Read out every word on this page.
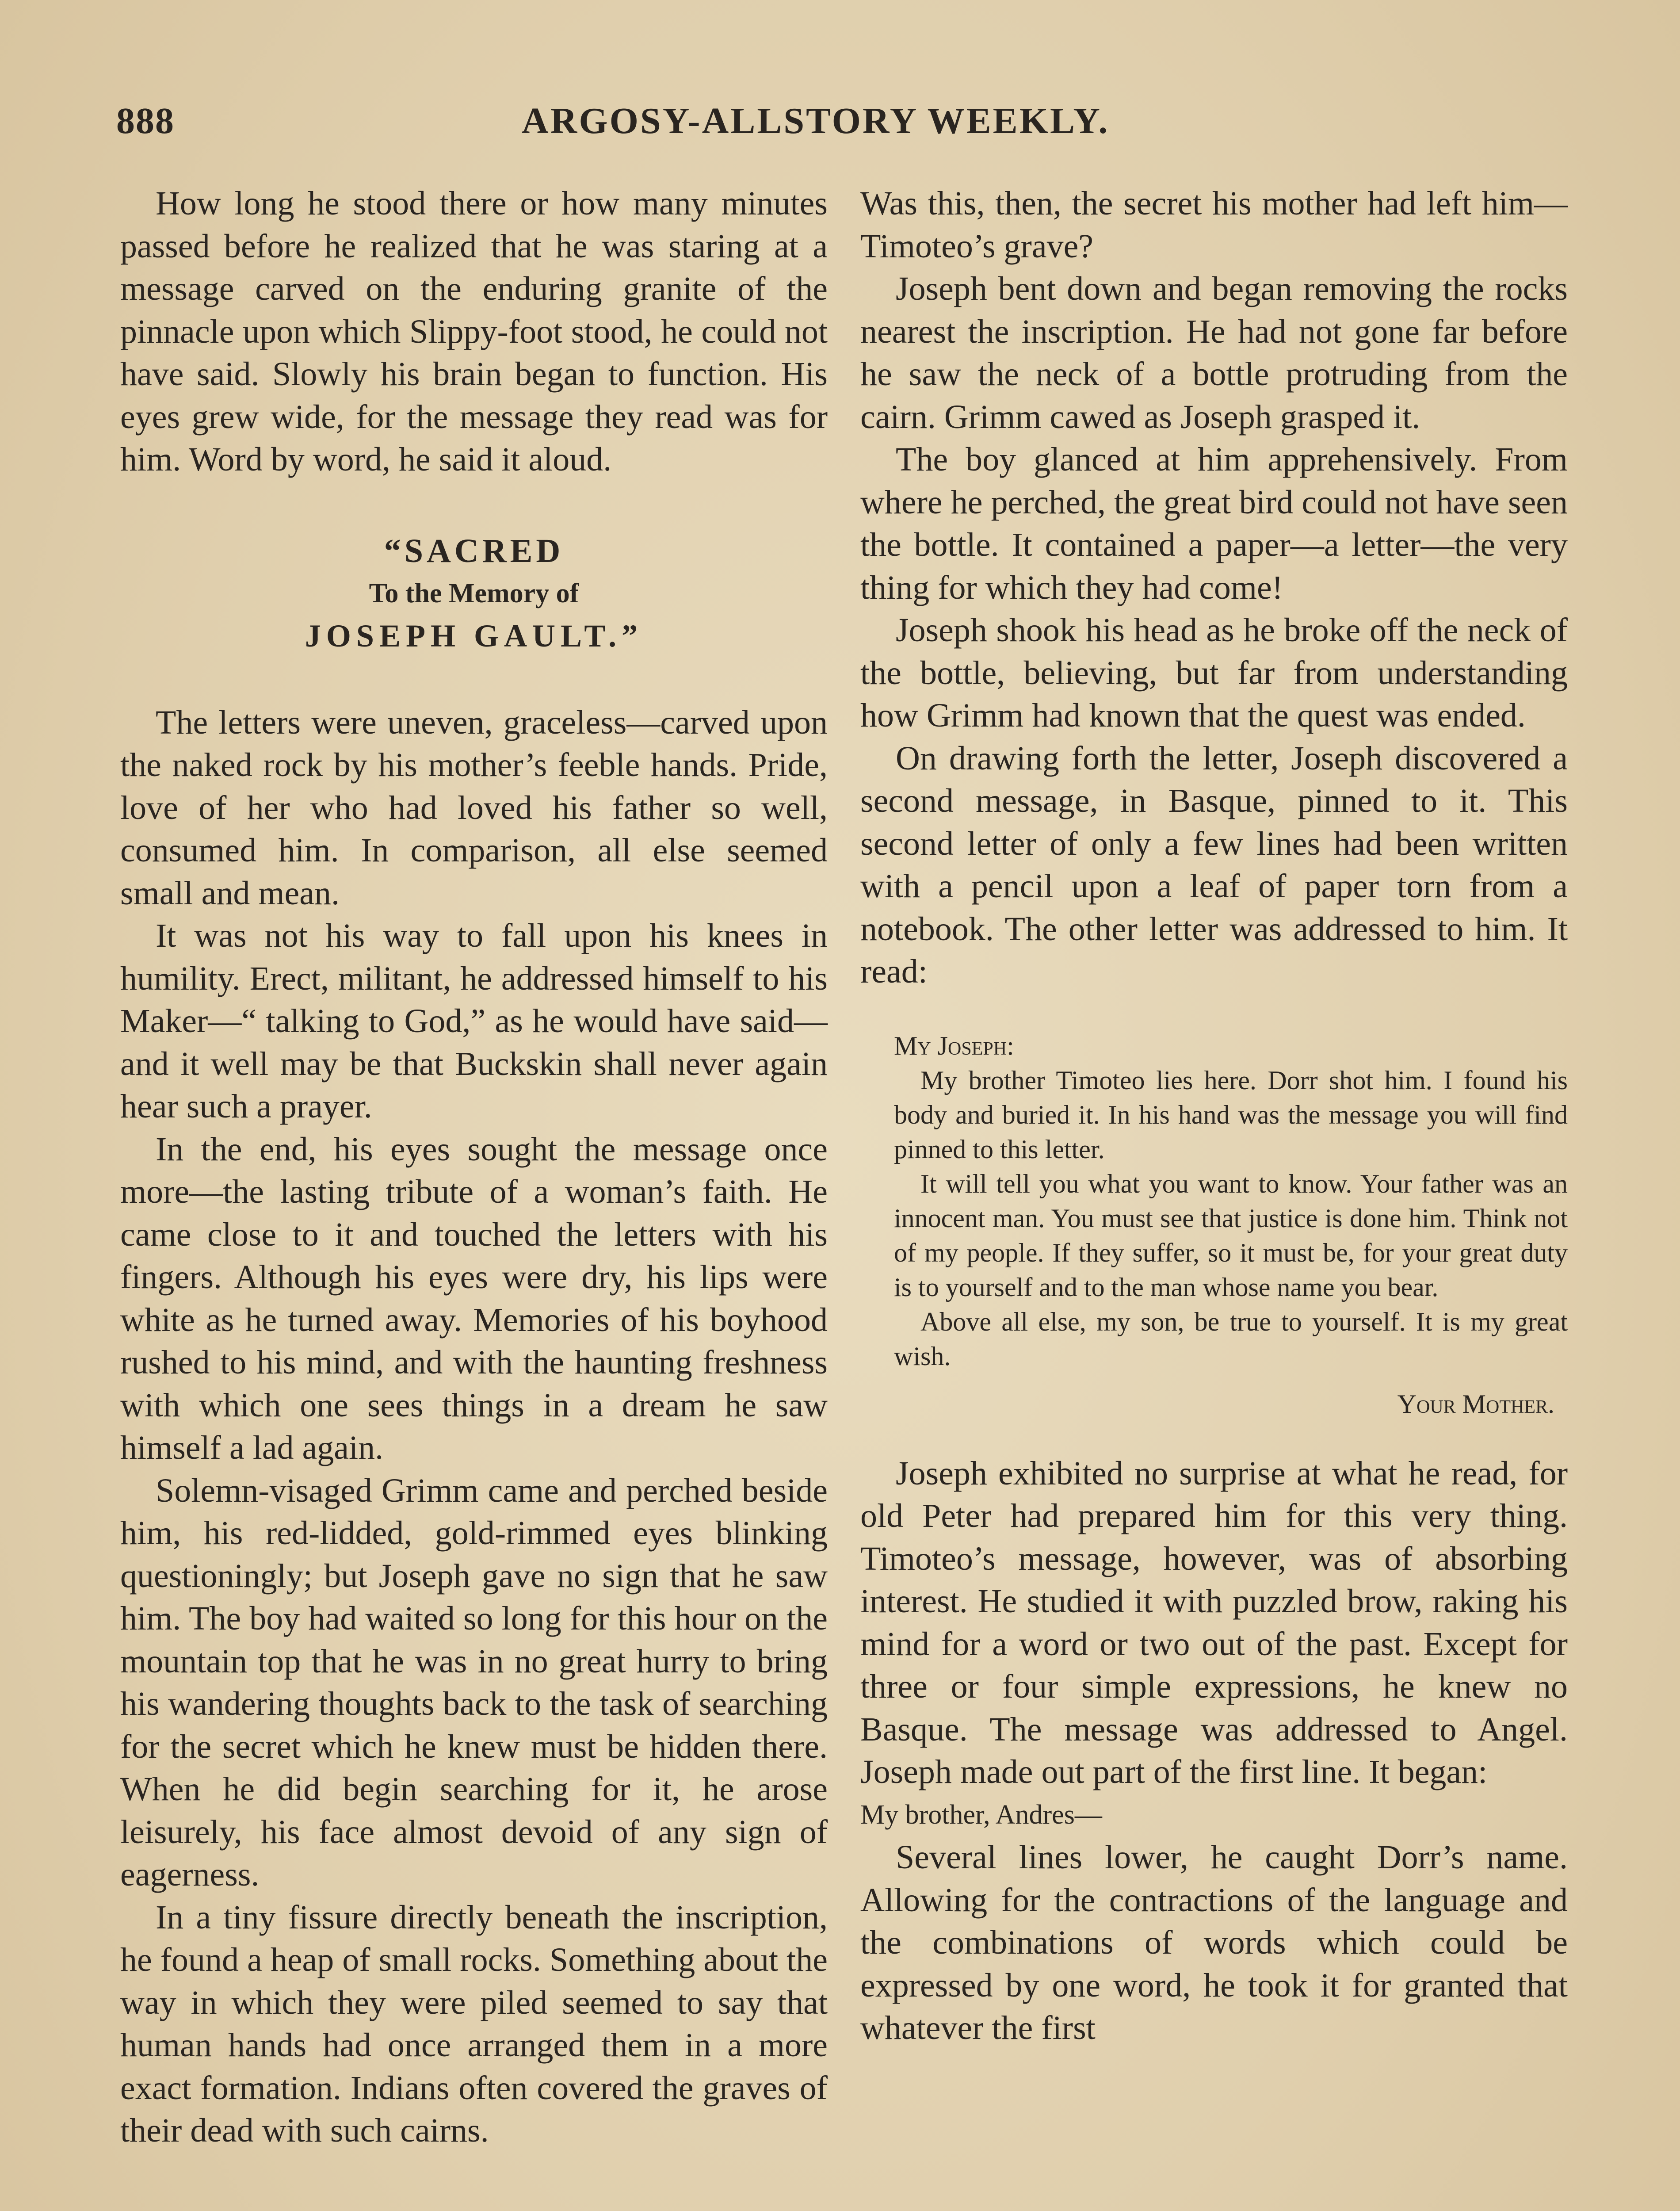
888	ARGOSY-ALLSTORY WEEKLY.

How long he stood there or how many minutes passed before he realized that he was staring at a message carved on the enduring granite of the pinnacle upon which Slippy-foot stood, he could not have said. Slowly his brain began to function. His eyes grew wide, for the message they read was for him. Word by word, he said it aloud.

“SACRED
To the Memory of
JOSEPH GAULT.”

The letters were uneven, graceless—carved upon the naked rock by his mother’s feeble hands. Pride, love of her who had loved his father so well, consumed him. In comparison, all else seemed small and mean.

It was not his way to fall upon his knees in humility. Erect, militant, he addressed himself to his Maker—“ talking to God,” as he would have said—and it well may be that Buckskin shall never again hear such a prayer.

In the end, his eyes sought the message once more—the lasting tribute of a woman’s faith. He came close to it and touched the letters with his fingers. Although his eyes were dry, his lips were white as he turned away. Memories of his boyhood rushed to his mind, and with the haunting freshness with which one sees things in a dream he saw himself a lad again.

Solemn-visaged Grimm came and perched beside him, his red-lidded, gold-rimmed eyes blinking questioningly; but Joseph gave no sign that he saw him. The boy had waited so long for this hour on the mountain top that he was in no great hurry to bring his wandering thoughts back to the task of searching for the secret which he knew must be hidden there. When he did begin searching for it, he arose leisurely, his face almost devoid of any sign of eagerness.

In a tiny fissure directly beneath the inscription, he found a heap of small rocks. Something about the way in which they were piled seemed to say that human hands had once arranged them in a more exact formation. Indians often covered the graves of their dead with such cairns.

Was this, then, the secret his mother had left him—Timoteo’s grave?

Joseph bent down and began removing the rocks nearest the inscription. He had not gone far before he saw the neck of a bottle protruding from the cairn. Grimm cawed as Joseph grasped it.

The boy glanced at him apprehensively. From where he perched, the great bird could not have seen the bottle. It contained a paper—a letter—the very thing for which they had come!

Joseph shook his head as he broke off the neck of the bottle, believing, but far from understanding how Grimm had known that the quest was ended.

On drawing forth the letter, Joseph discovered a second message, in Basque, pinned to it. This second letter of only a few lines had been written with a pencil upon a leaf of paper torn from a notebook. The other letter was addressed to him. It read:

My Joseph:

My brother Timoteo lies here. Dorr shot him. I found his body and buried it. In his hand was the message you will find pinned to this letter.

It will tell you what you want to know. Your father was an innocent man. You must see that justice is done him. Think not of my people. If they suffer, so it must be, for your great duty is to yourself and to the man whose name you bear.

Above all else, my son, be true to yourself. It is my great wish.

Your Mother.

Joseph exhibited no surprise at what he read, for old Peter had prepared him for this very thing. Timoteo’s message, however, was of absorbing interest. He studied it with puzzled brow, raking his mind for a word or two out of the past. Except for three or four simple expressions, he knew no Basque. The message was addressed to Angel. Joseph made out part of the first line. It began:

My brother, Andres—

Several lines lower, he caught Dorr’s name. Allowing for the contractions of the language and the combinations of words which could be expressed by one word, he took it for granted that whatever the first
